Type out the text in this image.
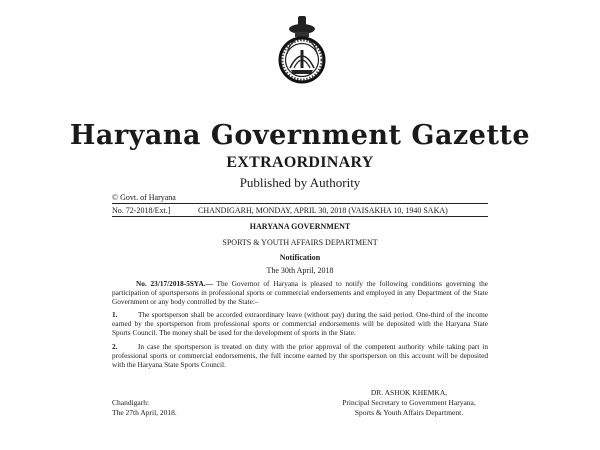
Haryana Government Gazette
EXTRAORDINARY
Published by Authority
© Govt. of Haryana
No. 72-2018/Ext.]	CHANDIGARH, MONDAY, APRIL 30, 2018 (VAISAKHA 10, 1940 SAKA)
HARYANA GOVERNMENT
SPORTS & YOUTH AFFAIRS DEPARTMENT
Notification
The 30th April, 2018
No. 23/17/2018-5SYA.— The Governor of Haryana is pleased to notify the following conditions governing the participation of sportspersons in professional sports or commercial endorsements and employed in any Department of the State Government or any body controlled by the State:–
1.	The sportsperson shall be accorded extraordinary leave (without pay) during the said period. One-third of the income earned by the sportsperson from professional sports or commercial endorsements will be deposited with the Haryana State Sports Council. The money shall be used for the development of sports in the State.
2.	In case the sportsperson is treated on duty with the prior approval of the competent authority while taking part in professional sports or commercial endorsements, the full income earned by the sportsperson on this account will be deposited with the Haryana State Sports Council.
Chandigarh:
The 27th April, 2018.
DR. ASHOK KHEMKA,
Principal Secretary to Government Haryana,
Sports & Youth Affairs Department.
